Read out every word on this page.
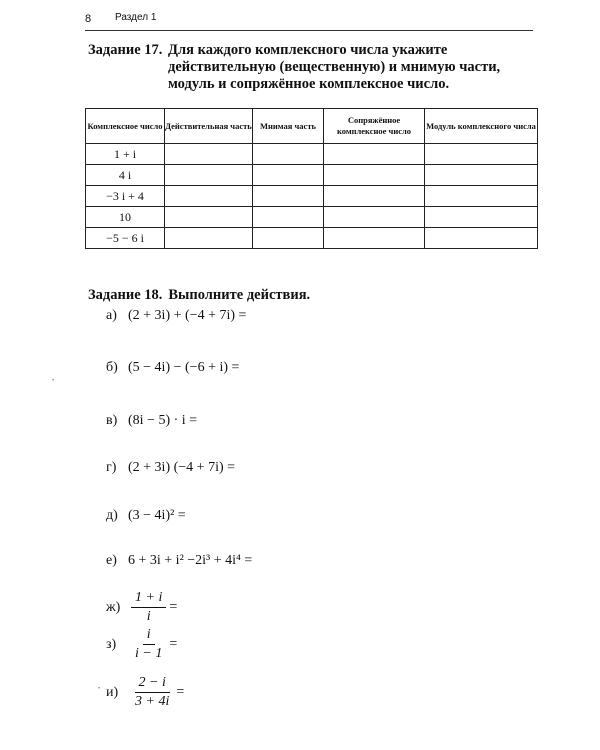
8 Раздел 1
Задание 17. Для каждого комплексного числа укажите действительную (вещественную) и мнимую части, модуль и сопряжённое комплексное число.
Комплексное число	Действительная часть	Мнимая часть	Сопряжённое комплексное число	Модуль комплексного числа
1 + i				
4 i				
−3 i + 4				
10				
−5 − 6 i				
Задание 18. Выполните действия.
а) (2 + 3i) + (−4 + 7i) =
б) (5 − 4i) − (−6 + i) =
в) (8i − 5) · i =
г) (2 + 3i) (−4 + 7i) =
д) (3 − 4i)² =
е) 6 + 3i + i² −2i³ + 4i⁴ =
$ж) \frac{1 + i}{i}$ =
$з) \frac{i}{i - 1}$ =
$и) \frac{2 - i}{3 + 4i}$ =
•
•
